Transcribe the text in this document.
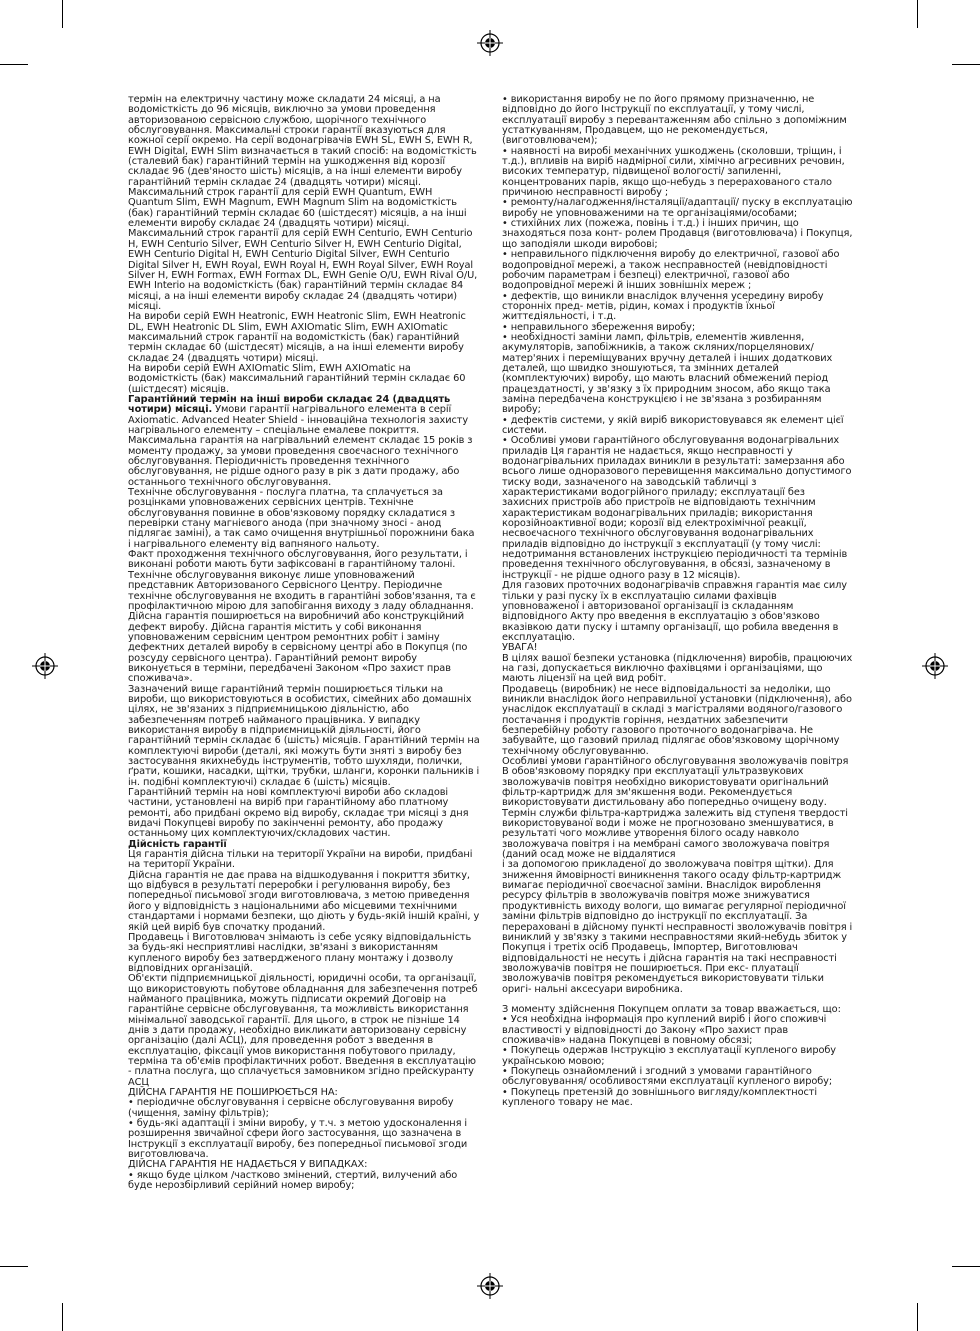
термін на електричну частину може складати 24 місяці, а на водомісткість до 96 місяців, виключно за умови проведення авторизованою сервісною службою, щорічного технічного обслуговування. Максимальні строки гарантії вказуються для кожної серії окремо. На серії водонагрівачів EWH SL, EWH S, EWH R, EWH Digital, EWH Slim визначається в такий спосіб: на водомісткість (сталевий бак) гарантійний термін на ушкодження від корозії складає 96 (дев'яносто шість) місяців, а на інші елементи виробу гарантійний термін складає 24 (двадцять чотири) місяці. Максимальний строк гарантії для серій EWH Quantum, EWH Quantum Slim, EWH Magnum, EWH Magnum Slim на водомісткість (бак) гарантійний термін складає 60 (шістдесят) місяців, а на інші елементи виробу складає 24 (двадцять чотири) місяці. Максимальний строк гарантії для серій EWH Centurio, EWH Centurio H, EWH Centurio Silver, EWH Centurio Silver H, EWH Centurio Digital, EWH Centurio Digital H, EWH Centurio Digital Silver, EWH Centurio Digital Silver H, EWH Royal, EWH Royal H, EWH Royal Silver, EWH Royal Silver H, EWH Formax, EWH Formax DL, EWH Genie O/U, EWH Rival O/U, EWH Interio на водомісткість (бак) гарантійний термін складає 84 місяці, а на інші елементи виробу складає 24 (двадцять чотири) місяці.

На вироби серій EWH Heatronic, EWH Heatronic Slim, EWH Heatronic DL, EWH Heatronic DL Slim, EWH AXIOmatic Slim, EWH AXIOmatic максимальний строк гарантії на водомісткість (бак) гарантійний термін складає 60 (шістдесят) місяців, а на інші елементи виробу складає 24 (двадцять чотири) місяці.

На вироби серій EWH AXIOmatic Slim, EWH AXIOmatic на водомісткість (бак) максимальний гарантійний термін складає 60 (шістдесят) місяців.

Гарантійний термін на інші вироби складає 24 (двадцять чотири) місяці. Умови гарантії нагрівального елемента в серії Axiomatic. Advanced Heater Shield - інноваційна технологія захисту нагрівального елементу – спеціальне емалеве покриття.

Максимальна гарантія на нагрівальний елемент складає 15 років з моменту продажу, за умови проведення своєчасного технічного обслуговування. Періодичність проведення технічного обслуговування, не рідше одного разу в рік з дати продажу, або останнього технічного обслуговування.

Технічне обслуговування - послуга платна, та сплачується за розцінками уповноважених сервісних центрів. Технічне обслуговування повинне в обов'язковому порядку складатися з перевірки стану магнієвого анода (при значному зносі - анод підлягає заміні), а так само очищення внутрішньої порожнини бака і нагрівального елементу від вапняного нальоту.

Факт проходження технічного обслуговування, його результати, і виконані роботи мають бути зафіксовані в гарантійному талоні. Технічне обслуговування виконує лише уповноважений представник Авторизованого Сервісного Центру. Періодичне технічне обслуговування не входить в гарантійні зобов'язання, та є профілактичною мірою для запобігання виходу з ладу обладнання. Дійсна гарантія поширюється на виробничий або конструкційний дефект виробу. Дійсна гарантія містить у собі виконання уповноваженим сервісним центром ремонтних робіт і заміну дефектних деталей виробу в сервісному центрі або в Покупця (по розсуду сервісного центра). Гарантійний ремонт виробу виконується в терміни, передбачені Законом «Про захист прав споживача».

Зазначений вище гарантійний термін поширюється тільки на вироби, що використовуються в особистих, сімейних або домашніх цілях, не зв'язаних з підприємницькою діяльністю, або забезпеченням потреб найманого працівника. У випадку використання виробу в підприємницькій діяльності, його гарантійний термін складає 6 (шість) місяців. Гарантійний термін на комплектуючі вироби (деталі, які можуть бути зняті з виробу без застосування якихнебудь інструментів, тобто шухляди, полички, ґрати, кошики, насадки, щітки, трубки, шланги, коронки пальників і ін. подібні комплектуючі) складає 6 (шість) місяців.

Гарантійний термін на нові комплектуючі вироби або складові частини, установлені на виріб при гарантійному або платному ремонті, або придбані окремо від виробу, складає три місяці з дня видачі Покупцеві виробу по закінченні ремонту, або продажу останньому цих комплектуючих/складових частин.

Дійсність гарантії

Ця гарантія дійсна тільки на території України на вироби, придбані на території України.

Дійсна гарантія не дає права на відшкодування і покриття збитку, що відбувся в результаті переробки і регулювання виробу, без попередньої письмової згоди виготовлювача, з метою приведення його у відповідність з національними або місцевими технічними стандартами і нормами безпеки, що діють у будь-якій іншій країні, у якій цей виріб був спочатку проданий.

Продавець і Виготовлювач знімають із себе усяку відповідальність за будь-які несприятливі наслідки, зв'язані з використанням купленого виробу без затвердженого плану монтажу і дозволу відповідних організацій.

Об'єкти підприємницької діяльності, юридичні особи, та організації, що використовують побутове обладнання для забезпечення потреб найманого працівника, можуть підписати окремий Договір на гарантійне сервісне обслуговування, та можливість використання мінімальної заводської гарантії. Для цього, в строк не пізніше 14 днів з дати продажу, необхідно викликати авторизовану сервісну організацію (далі АСЦ), для проведення робот з введення в експлуатацію, фіксації умов використання побутового приладу, терміна та об'ємів профілактичних робот. Введення в експлуатацію - платна послуга, що сплачується замовником згідно прейскуранту АСЦ

ДІЙСНА ГАРАНТІЯ НЕ ПОШИРЮЄТЬСЯ НА:

• періодичне обслуговування і сервісне обслуговування виробу (чищення, заміну фільтрів);

• будь-які адаптації і зміни виробу, у т.ч. з метою удосконалення і розширення звичайної сфери його застосування, що зазначена в Інструкції з експлуатації виробу, без попередньої письмової згоди виготовлювача.

ДІЙСНА ГАРАНТІЯ НЕ НАДАЄТЬСЯ У ВИПАДКАХ:

• якщо буде цілком /частково змінений, стертий, вилучений або буде нерозбірливий серійний номер виробу;

• використання виробу не по його прямому призначенню, не відповідно до його Інструкції по експлуатації, у тому числі, експлуатації виробу з перевантаженням або спільно з допоміжним устаткуванням, Продавцем, що не рекомендується, (виготовлювачем);

• наявності на виробі механічних ушкоджень (сколовши, тріщин, і т.д.), впливів на виріб надмірної сили, хімічно агресивних речовин, високих температур, підвищеної вологості/ запиленні, концентрованих парів, якщо що-небудь з перерахованого стало причиною несправності виробу ;

• ремонту/налагодження/інсталяції/адаптації/ пуску в експлуатацію виробу не уповноваженими на те організаціями/особами;

• стихійних лих (пожежа, повінь і т.д.) і інших причин, що знаходяться поза конт- ролем Продавця (виготовлювача) і Покупця, що заподіяли шкоди виробові;

• неправильного підключення виробу до електричної, газової або водопровідної мережі, а також несправностей (невідповідності робочим параметрам і безпеці) електричної, газової або водопровідної мережі й інших зовнішніх мереж ;

• дефектів, що виникли внаслідок влучення усередину виробу сторонніх пред- метів, рідин, комах і продуктів їхньої життєдіяльності, і т.д.

• неправильного збереження виробу;

• необхідності заміни ламп, фільтрів, елементів живлення, акумуляторів, запобіжників, а також скляних/порцелянових/ матер'яних і переміщуваних вручну деталей і інших додаткових деталей, що швидко зношуються, та змінних деталей (комплектуючих) виробу, що мають власний обмежений період працездатності, у зв'язку з їх природним зносом, або якщо така заміна передбачена конструкцією і не зв'язана з розбиранням виробу;

• дефектів системи, у якій виріб використовувався як елемент цієї системи.

• Особливі умови гарантійного обслуговування водонагрівальних приладів Ця гарантія не надається, якщо несправності у водонагрівальних приладах виникли в результаті: замерзання або всього лише одноразового перевищення максимально допустимого тиску води, зазначеного на заводській табличці з характеристиками водогрійного приладу; експлуатації без захисних пристроїв або пристроїв не відповідають технічним характеристикам водонагрівальних приладів; використання корозійноактивної води; корозії від електрохімічної реакції, несвоєчасного технічного обслуговування водонагрівальних приладів відповідно до інструкції з експлуатації (у тому числі: недотримання встановлених інструкцією періодичності та термінів проведення технічного обслуговування, в обсязі, зазначеному в інструкції - не рідше одного разу в 12 місяців).

Для газових проточних водонагрівачів справжня гарантія має силу тільки у разі пуску їх в експлуатацію силами фахівців уповноваженої і авторизованої організації із складанням відповідного Акту про введення в експлуатацію з обов'язково вказівкою дати пуску і штампу організації, що робила введення в експлуатацію.

УВАГА!

В цілях вашої безпеки установка (підключення) виробів, працюючих на газі, допускається виключно фахівцями і організаціями, що мають ліцензії на цей вид робіт.

Продавець (виробник) не несе відповідальності за недоліки, що виникли внаслідок його неправильної установки (підключення), або унаслідок експлуатації в складі з магістралями водяного/газового постачання і продуктів горіння, нездатних забезпечити безперебійну роботу газового проточного водонагрівача. Не забувайте, що газовий прилад підлягає обов'язковому щорічному технічному обслуговуванню.

Особливі умови гарантійного обслуговування зволожувачів повітря В обов'язковому порядку при експлуатації ультразвукових зволожувачів повітря необхідно використовувати оригінальний фільтр-картридж для зм'якшення води. Рекомендується використовувати дистильовану або попередньо очищену воду. Термін служби фільтра-картриджа залежить від ступеня твердості використовуваної води і може не прогнозовано зменшуватися, в результаті чого можливе утворення білого осаду навколо зволожувача повітря і на мембрані самого зволожувача повітря (даний осад може не віддалятися

і за допомогою прикладеної до зволожувача повітря щітки). Для зниження ймовірності виникнення такого осаду фільтр-картридж вимагає періодичної своєчасної заміни. Внаслідок вироблення ресурсу фільтрів в зволожувачів повітря може знижуватися продуктивність виходу вологи, що вимагає регулярної періодичної заміни фільтрів відповідно до інструкції по експлуатації. За перераховані в дійсному пункті несправності зволожувачів повітря і виниклий у зв'язку з такими несправностями який-небудь збиток у Покупця і третіх осіб Продавець, Імпортер, Виготовлювач відповідальності не несуть і дійсна гарантія на такі несправності зволожувачів повітря не поширюється. При екс- плуатації зволожувачів повітря рекомендується використовувати тільки оригі- нальні аксесуари виробника.

З моменту здійснення Покупцем оплати за товар вважається, що:

• Уся необхідна інформація про куплений виріб і його споживчі властивості у відповідності до Закону «Про захист прав споживачів» надана Покупцеві в повному обсязі;

• Покупець одержав Інструкцію з експлуатації купленого виробу українською мовою;

• Покупець ознайомлений і згодний з умовами гарантійного обслуговування/ особливостями експлуатації купленого виробу;

• Покупець претензій до зовнішнього вигляду/комплектності купленого товару не має.
